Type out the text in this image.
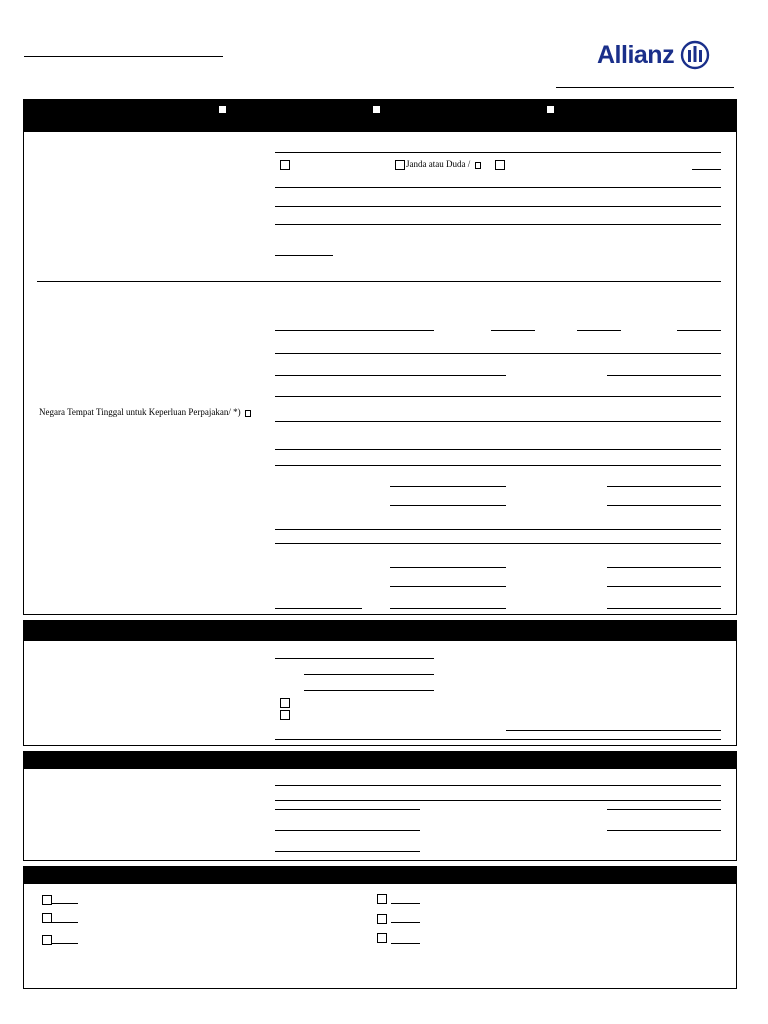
Allianz
Janda atau Duda /
Negara Tempat Tinggal untuk Keperluan Perpajakan/ *)
